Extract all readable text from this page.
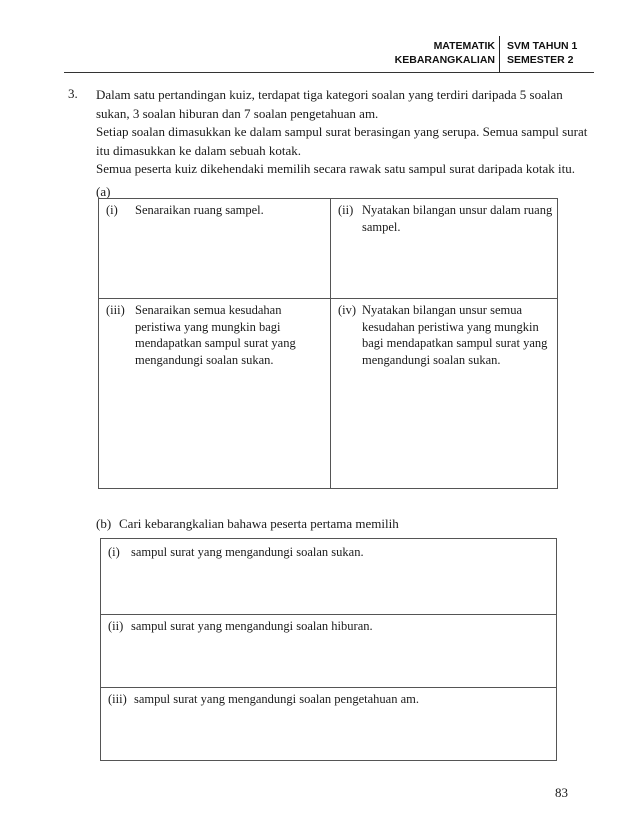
MATEMATIK
KEBARANGKALIAN
SVM TAHUN 1
SEMESTER 2
3. Dalam satu pertandingan kuiz, terdapat tiga kategori soalan yang terdiri daripada 5 soalan sukan, 3 soalan hiburan dan 7 soalan pengetahuan am.

Setiap soalan dimasukkan ke dalam sampul surat berasingan yang serupa. Semua sampul surat itu dimasukkan ke dalam sebuah kotak.

Semua peserta kuiz dikehendaki memilih secara rawak satu sampul surat daripada kotak itu.

(a)
(i) Senaraikan ruang sampel.	(ii) Nyatakan bilangan unsur dalam ruang sampel.
(iii) Senaraikan semua kesudahan peristiwa yang mungkin bagi mendapatkan sampul surat yang mengandungi soalan sukan.
(iv) Nyatakan bilangan unsur semua kesudahan peristiwa yang mungkin bagi mendapatkan sampul surat yang mengandungi soalan sukan.
(b) Cari kebarangkalian bahawa peserta pertama memilih
(i) sampul surat yang mengandungi soalan sukan.
(ii) sampul surat yang mengandungi soalan hiburan.
(iii) sampul surat yang mengandungi soalan pengetahuan am.
83
